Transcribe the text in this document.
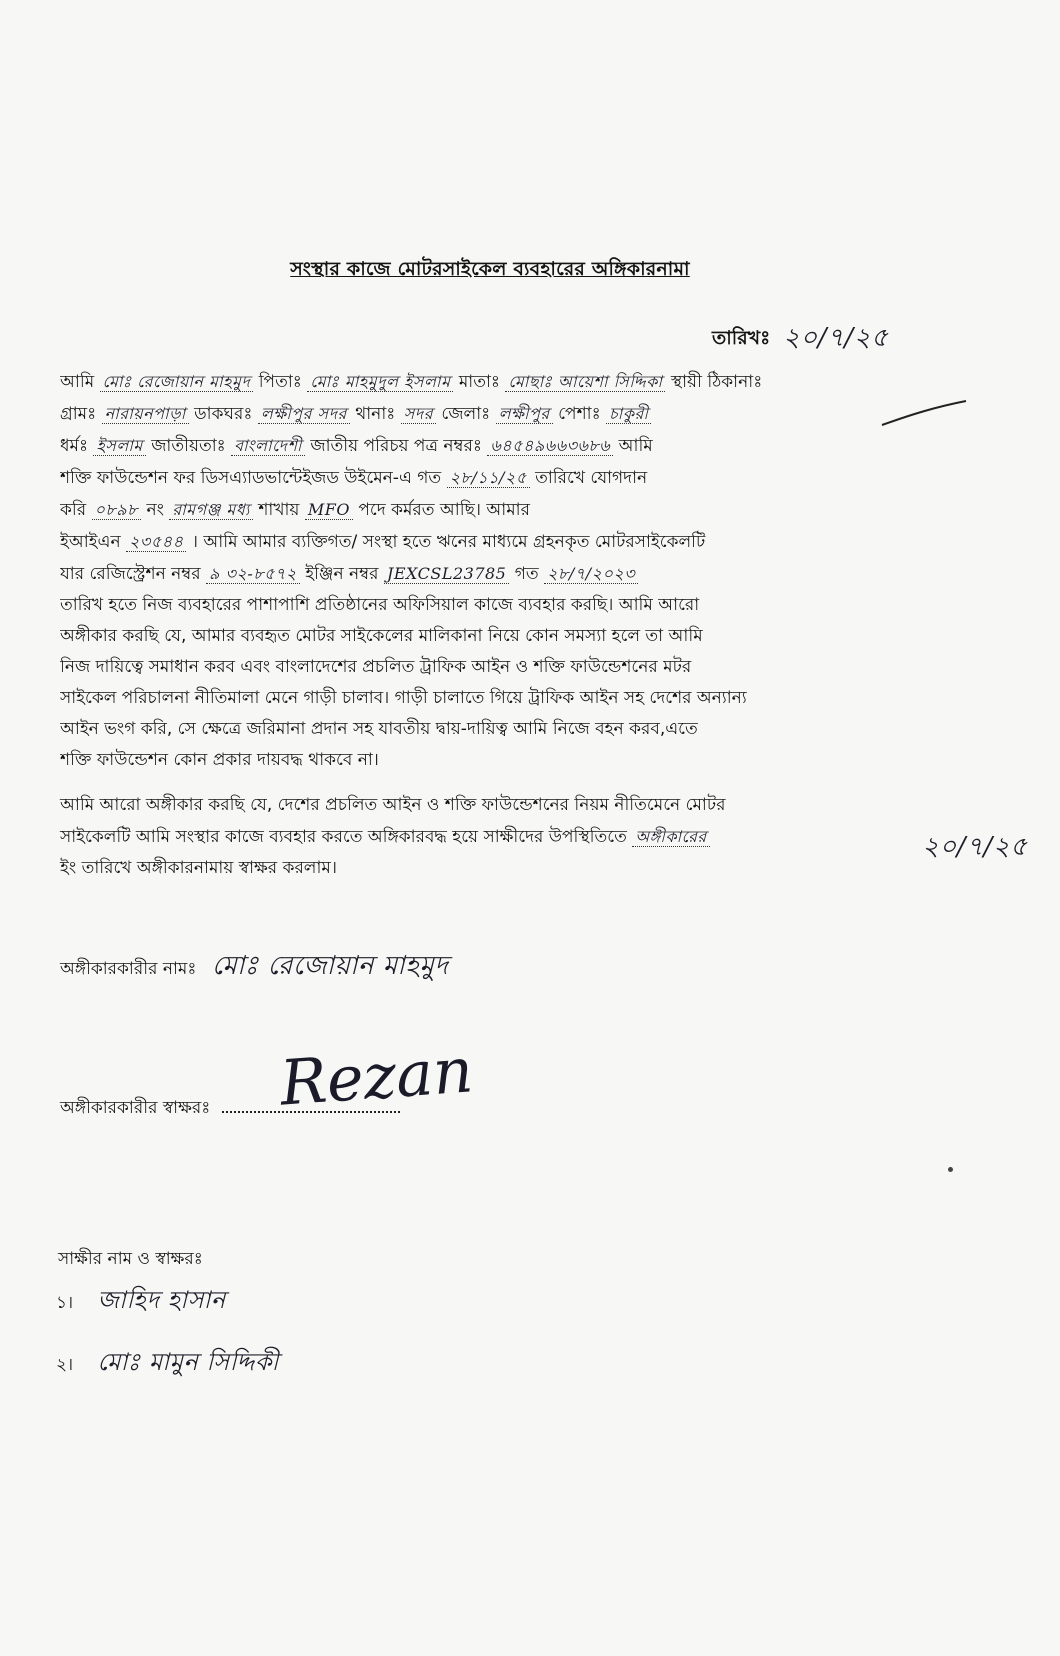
সংস্থার কাজে মোটরসাইকেল ব্যবহারের অঙ্গিকারনামা
তারিখঃ ২০/৭/২৫
আমি মোঃ রেজোয়ান মাহমুদ পিতাঃ মোঃ মাহমুদুল ইসলাম মাতাঃ মোছাঃ আয়েশা সিদ্দিকা স্থায়ী ঠিকানাঃ
গ্রামঃ নারায়নপাড়া ডাকঘরঃ লক্ষীপুর সদর থানাঃ সদর জেলাঃ লক্ষীপুর পেশাঃ চাকুরী
ধর্মঃ ইসলাম জাতীয়তাঃ বাংলাদেশী জাতীয় পরিচয় পত্র নম্বরঃ ৬৪৫৪৯৬৬৩৬৮৬ আমি
শক্তি ফাউন্ডেশন ফর ডিসএ্যাডভান্টেইজড উইমেন-এ গত ২৮/১১/২৫ তারিখে যোগদান
করি ০৮৯৮ নং রামগঞ্জ মধ্য শাখায় MFO পদে কর্মরত আছি। আমার
ইআইএন ২৩৫৪৪ । আমি আমার ব্যক্তিগত/ সংস্থা হতে ঋনের মাধ্যমে গ্রহনকৃত মোটরসাইকেলটি
যার রেজিস্ট্রেশন নম্বর ৯ ৩২-৮৫৭২ ইঞ্জিন নম্বর JEXCSL23785 গত ২৮/৭/২০২৩
তারিখ হতে নিজ ব্যবহারের পাশাপাশি প্রতিষ্ঠানের অফিসিয়াল কাজে ব্যবহার করছি। আমি আরো
অঙ্গীকার করছি যে, আমার ব্যবহৃত মোটর সাইকেলের মালিকানা নিয়ে কোন সমস্যা হলে তা আমি
নিজ দায়িত্বে সমাধান করব এবং বাংলাদেশের প্রচলিত ট্রাফিক আইন ও শক্তি ফাউন্ডেশনের মটর
সাইকেল পরিচালনা নীতিমালা মেনে গাড়ী চালাব। গাড়ী চালাতে গিয়ে ট্রাফিক আইন সহ দেশের অন্যান্য
আইন ভংগ করি, সে ক্ষেত্রে জরিমানা প্রদান সহ যাবতীয় দ্বায়-দায়িত্ব আমি নিজে বহন করব,এতে
শক্তি ফাউন্ডেশন কোন প্রকার দায়বদ্ধ থাকবে না।
আমি আরো অঙ্গীকার করছি যে, দেশের প্রচলিত আইন ও শক্তি ফাউন্ডেশনের নিয়ম নীতিমেনে মোটর
সাইকেলটি আমি সংস্থার কাজে ব্যবহার করতে অঙ্গিকারবদ্ধ হয়ে সাক্ষীদের উপস্থিতিতে অঙ্গীকারের
ইং তারিখে অঙ্গীকারনামায় স্বাক্ষর করলাম।
২০/৭/২৫
অঙ্গীকারকারীর নামঃ মোঃ রেজোয়ান মাহমুদ
অঙ্গীকারকারীর স্বাক্ষরঃ	Rezan
সাক্ষীর নাম ও স্বাক্ষরঃ
১। জাহিদ হাসান
২। মোঃ মামুন সিদ্দিকী
